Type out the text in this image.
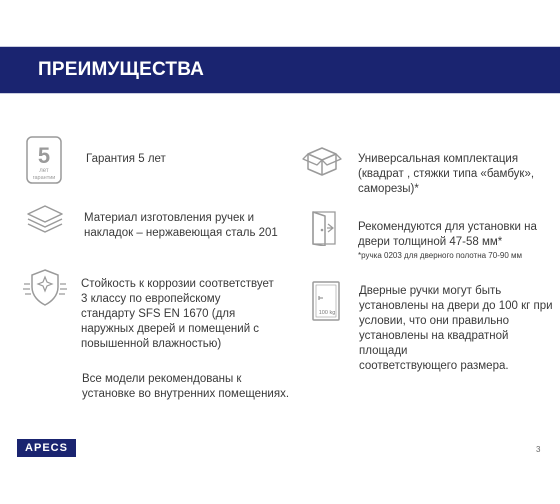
ПРЕИМУЩЕСТВА
5
лет
гарантии
Гарантия 5 лет
Материал изготовления ручек и
накладок – нержавеющая сталь 201
Стойкость к коррозии соответствует
3 классу по европейскому
стандарту SFS EN 1670 (для
наружных дверей и помещений с
повышенной влажностью)
Все модели рекомендованы к
установке во внутренних помещениях.
Универсальная комплектация
(квадрат , стяжки типа «бамбук»,
саморезы)*
Рекомендуются для установки на
двери толщиной 47-58 мм*
*ручка 0203 для дверного полотна 70-90 мм
100 kg
Дверные ручки могут быть
установлены на двери до 100 кг при
условии, что они правильно
установлены на квадратной площади
соответствующего размера.
APECS	3
